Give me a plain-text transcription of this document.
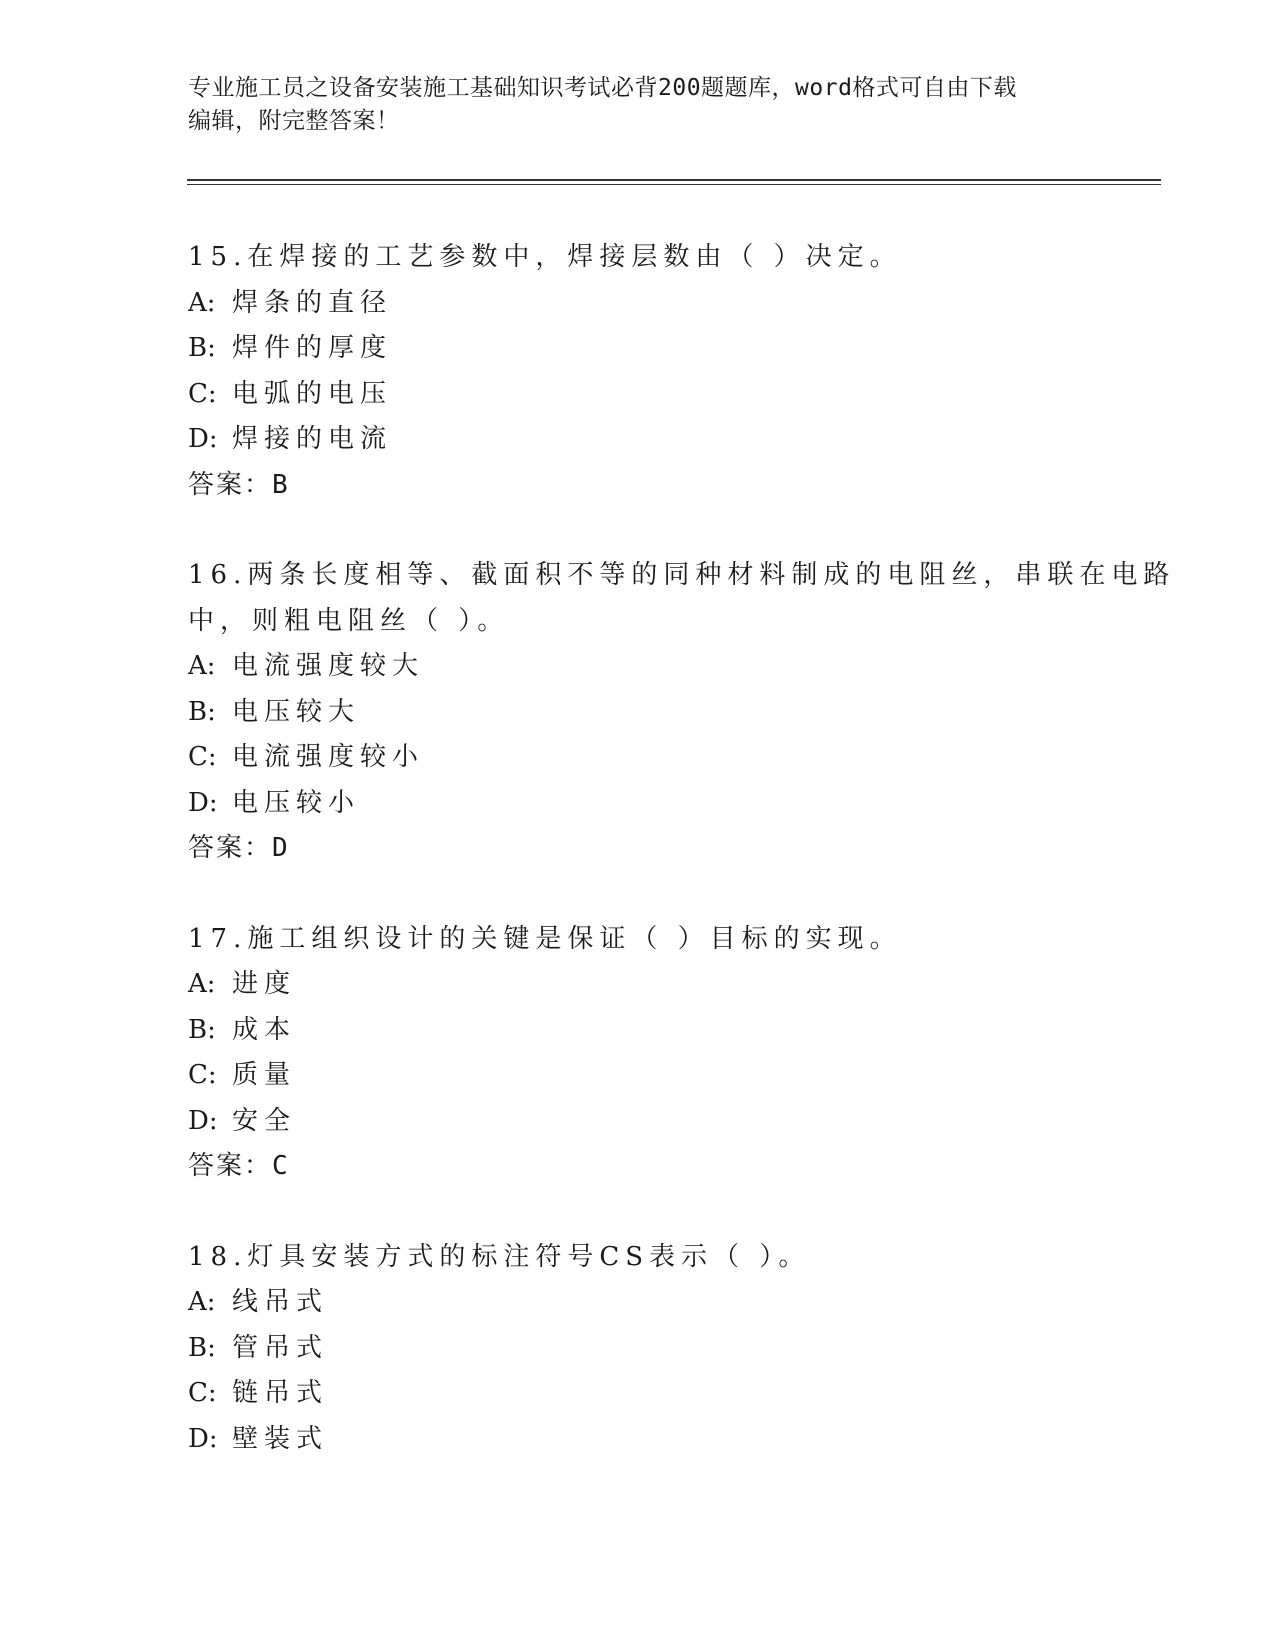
专业施工员之设备安装施工基础知识考试必背200题题库，word格式可自由下载

编辑，附完整答案！

15.在焊接的工艺参数中，焊接层数由（ ）决定。
A: 焊条的直径
B: 焊件的厚度
C: 电弧的电压
D: 焊接的电流
答案：B
16.两条长度相等、截面积不等的同种材料制成的电阻丝，串联在电路
中，则粗电阻丝（ ）。
A: 电流强度较大
B: 电压较大
C: 电流强度较小
D: 电压较小
答案：D
17.施工组织设计的关键是保证（ ）目标的实现。
A: 进度
B: 成本
C: 质量
D: 安全
答案：C
18.灯具安装方式的标注符号CS表示（ ）。
A: 线吊式
B: 管吊式
C: 链吊式
D: 壁装式
